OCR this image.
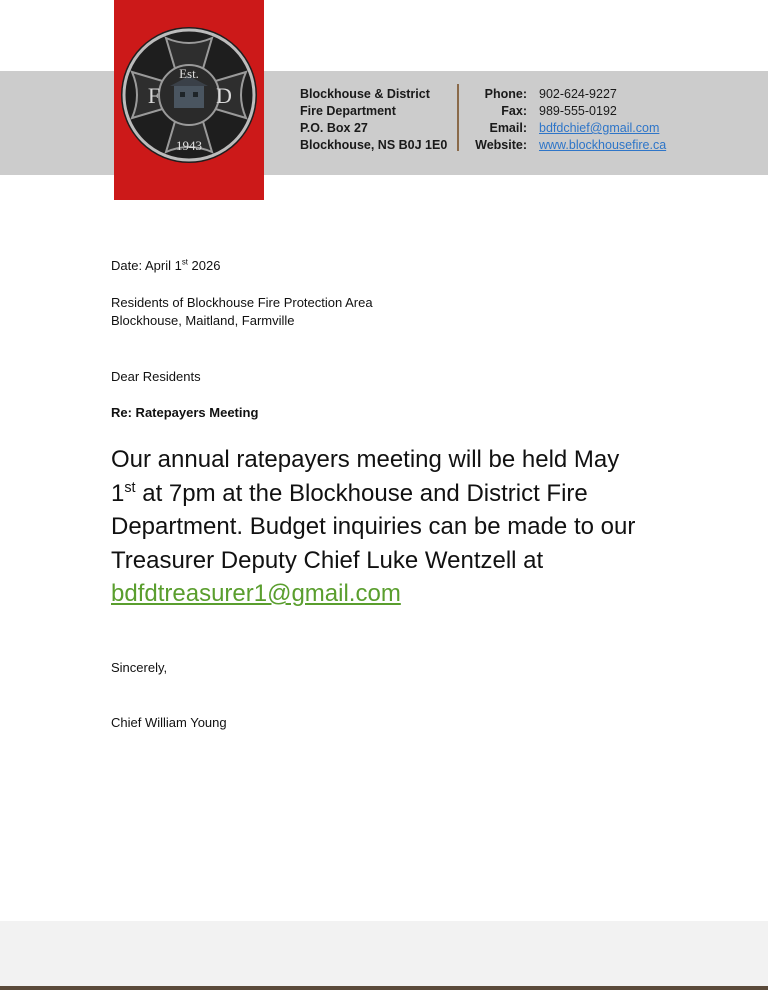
Est.
1943
F	D	Blockhouse & District
Fire Department
P.O. Box 27
Blockhouse, NS B0J 1E0
Phone:
Fax:
Email:
Website:
902-624-9227
989-555-0192
bdfdchief@gmail.com
www.blockhousefire.ca
Date: April 1st 2026
Residents of Blockhouse Fire Protection Area
Blockhouse, Maitland, Farmville
Dear Residents
Re: Ratepayers Meeting
Our annual ratepayers meeting will be held May
1st at 7pm at the Blockhouse and District Fire
Department. Budget inquiries can be made to our
Treasurer Deputy Chief Luke Wentzell at
bdfdtreasurer1@gmail.com
Sincerely,
Chief William Young
